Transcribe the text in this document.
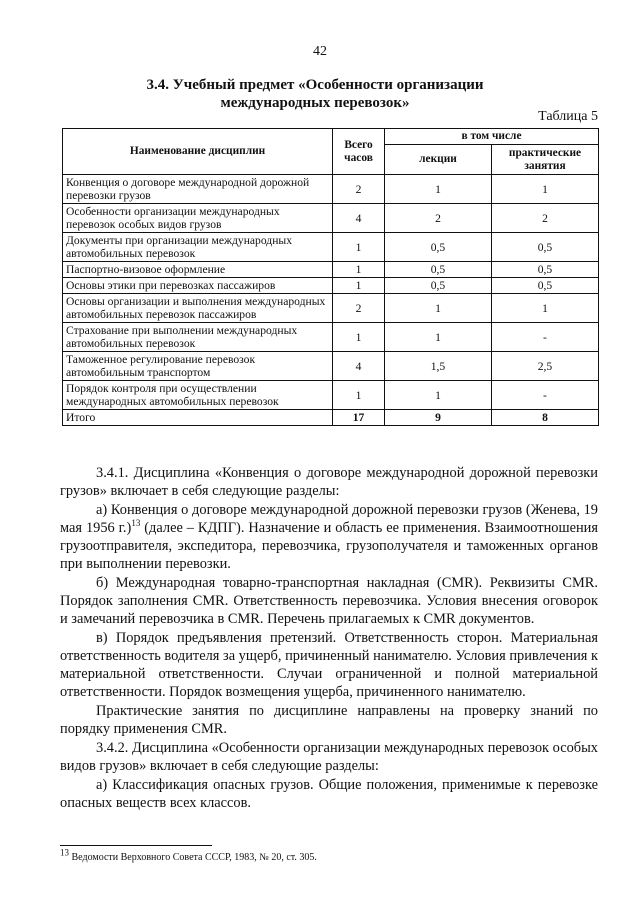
42
3.4. Учебный предмет «Особенности организации международных перевозок»
Таблица 5
Наименование дисциплин	Всего часов	в том числе	
		лекции	практические занятия
Конвенция о договоре международной дорожной перевозки грузов	2	1	1
Особенности организации международных перевозок особых видов грузов	4	2	2
Документы при организации международных автомобильных перевозок	1	0,5	0,5
Паспортно-визовое оформление	1	0,5	0,5
Основы этики при перевозках пассажиров	1	0,5	0,5
Основы организации и выполнения международных автомобильных перевозок пассажиров	2	1	1
Страхование при выполнении международных автомобильных перевозок	1	1	-
Таможенное регулирование перевозок автомобильным транспортом	4	1,5	2,5
Порядок контроля при осуществлении международных автомобильных перевозок	1	1	-
Итого	17	9	8

3.4.1. Дисциплина «Конвенция о договоре международной дорожной перевозки грузов» включает в себя следующие разделы:

а) Конвенция о договоре международной дорожной перевозки грузов (Женева, 19 мая 1956 г.)$^{13}$ (далее – КДПГ). Назначение и область ее применения. Взаимоотношения грузоотправителя, экспедитора, перевозчика, грузополучателя и таможенных органов при выполнении перевозки.

б) Международная товарно-транспортная накладная (CMR). Реквизиты CMR. Порядок заполнения CMR. Ответственность перевозчика. Условия внесения оговорок и замечаний перевозчика в CMR. Перечень прилагаемых к CMR документов.

в) Порядок предъявления претензий. Ответственность сторон. Материальная ответственность водителя за ущерб, причиненный нанимателю. Условия привлечения к материальной ответственности. Случаи ограниченной и полной материальной ответственности. Порядок возмещения ущерба, причиненного нанимателю.

Практические занятия по дисциплине направлены на проверку знаний по порядку применения CMR.

3.4.2. Дисциплина «Особенности организации международных перевозок особых видов грузов» включает в себя следующие разделы:

а) Классификация опасных грузов. Общие положения, применимые к перевозке опасных веществ всех классов.

$^{13}$ Ведомости Верховного Совета СССР, 1983, № 20, ст. 305.
